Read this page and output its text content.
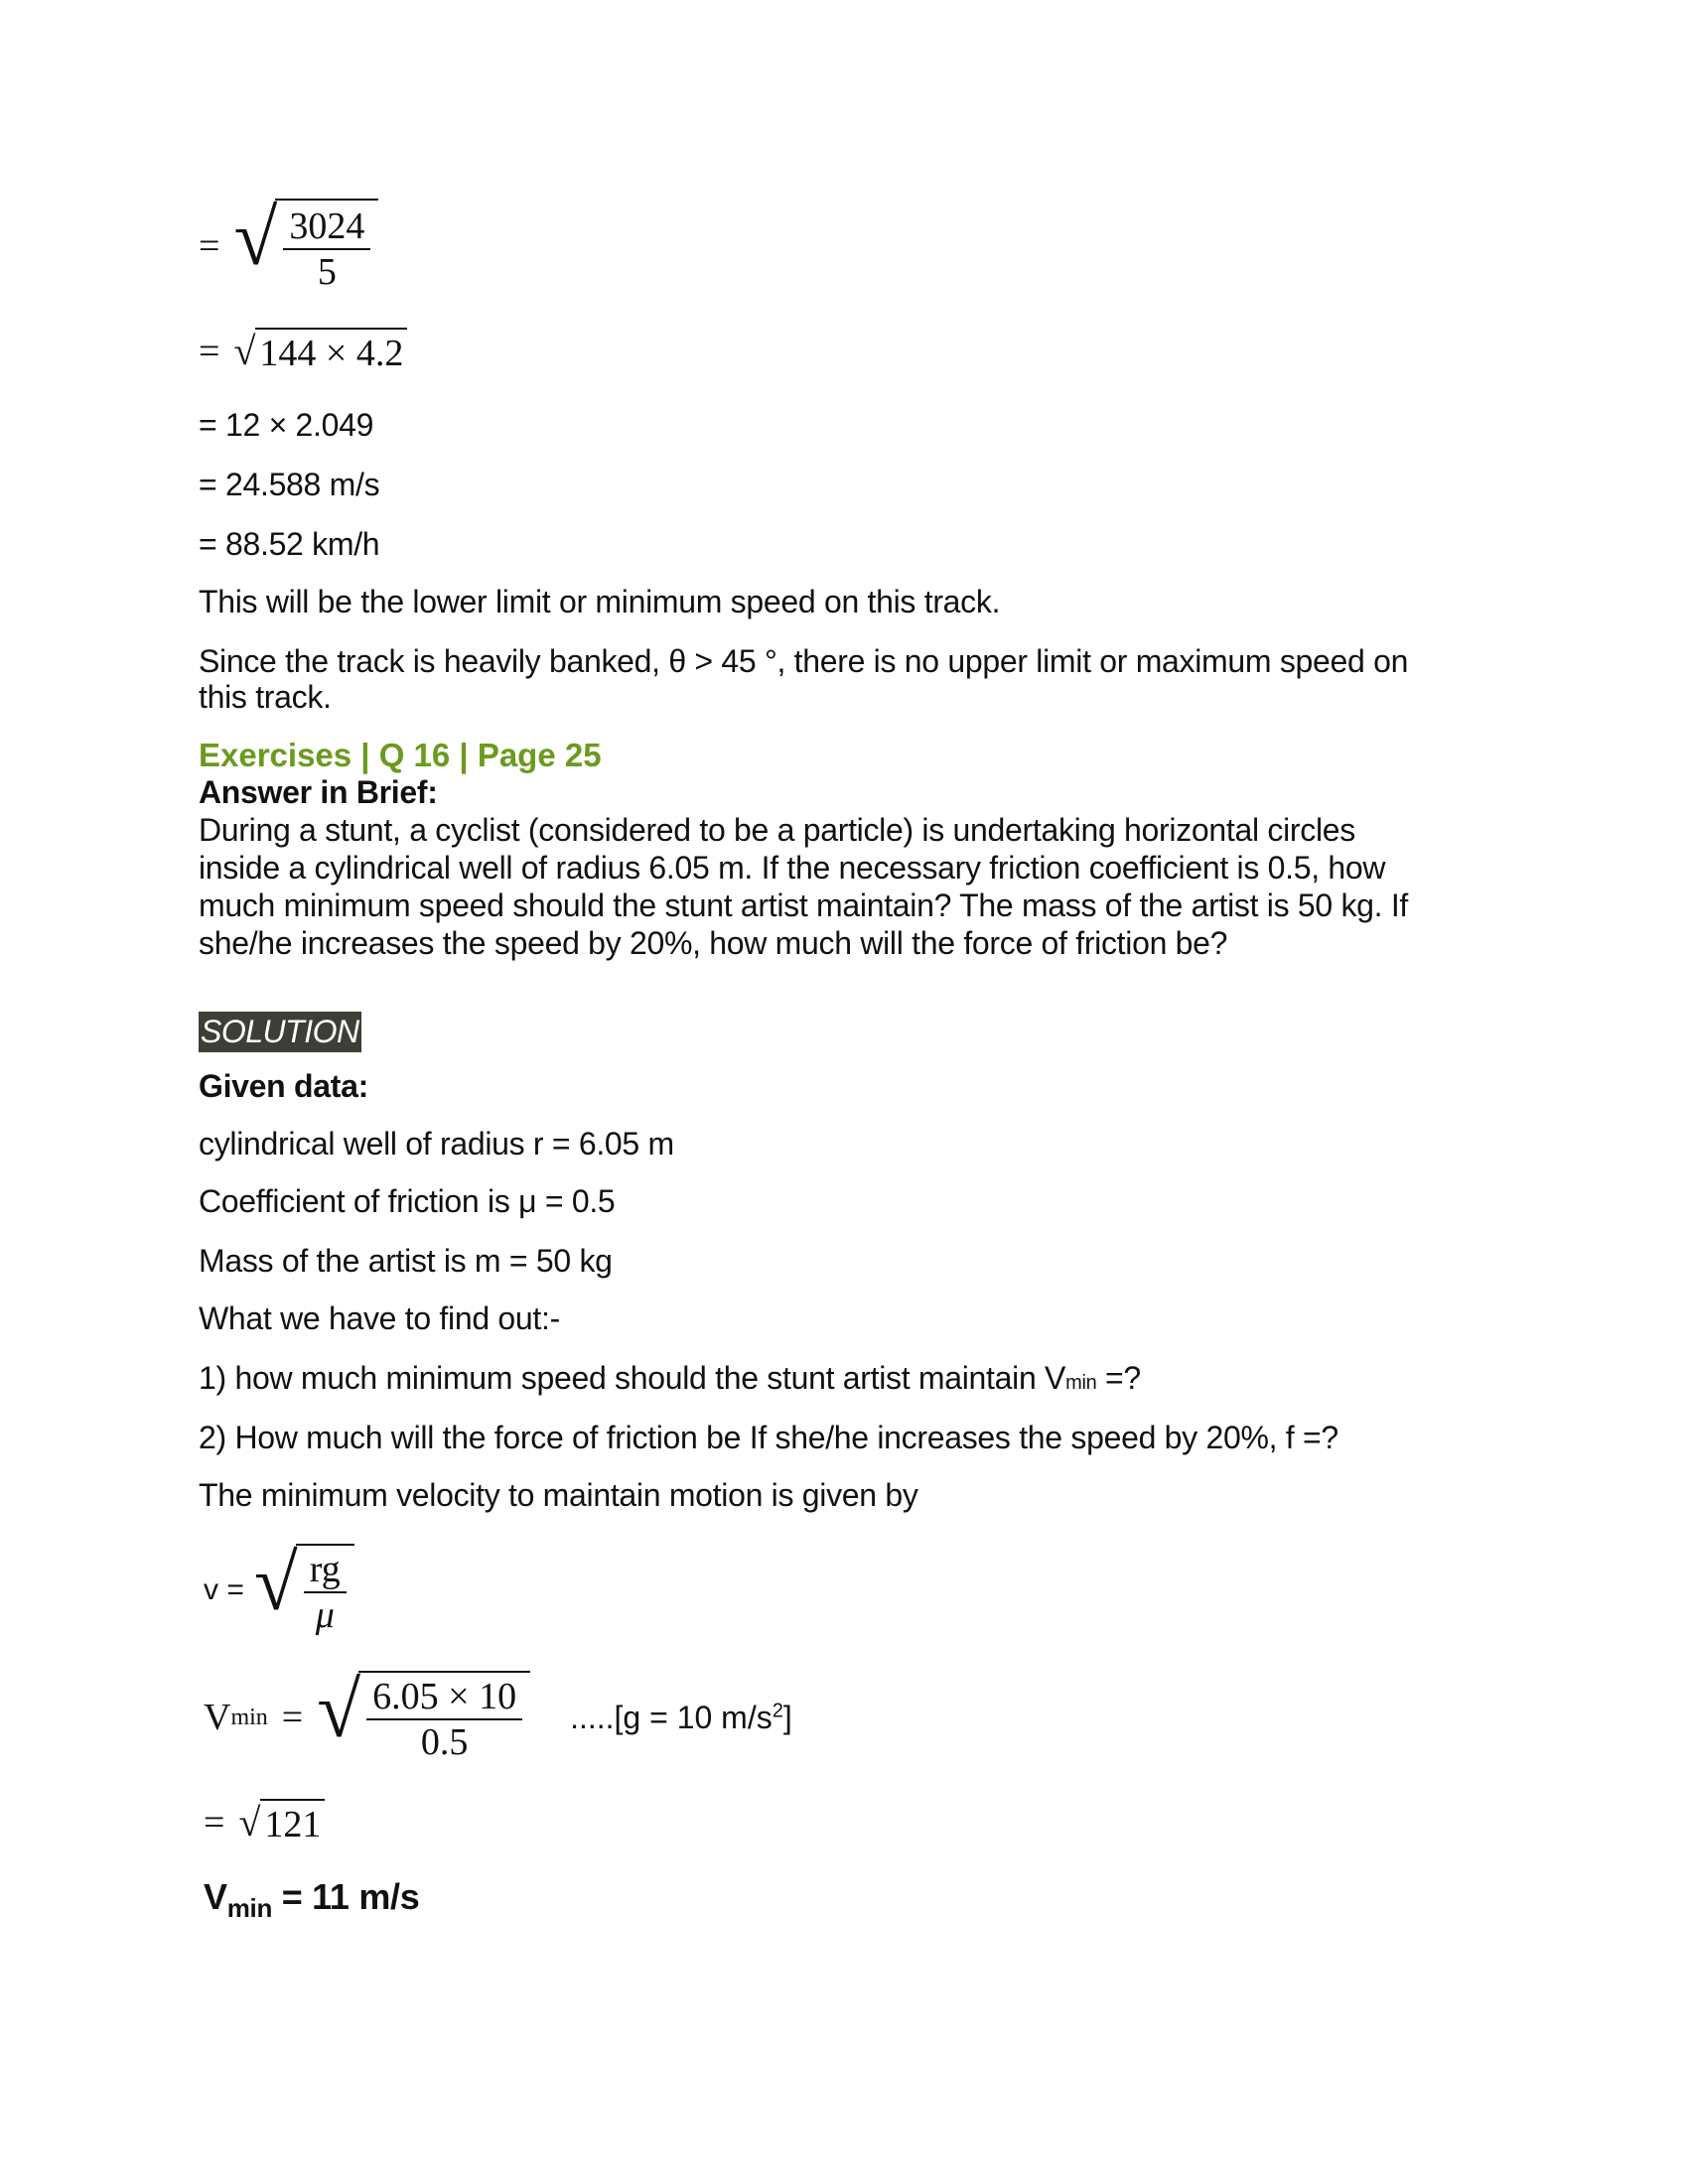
= √ $\frac{3024}{5}$
= √ 144 × 4.2
= 12 × 2.049
= 24.588 m/s
= 88.52 km/h
This will be the lower limit or minimum speed on this track.
Since the track is heavily banked, θ > 45 °, there is no upper limit or maximum speed on
this track.
Exercises | Q 16 | Page 25
Answer in Brief:
During a stunt, a cyclist (considered to be a particle) is undertaking horizontal circles
inside a cylindrical well of radius 6.05 m. If the necessary friction coefficient is 0.5, how
much minimum speed should the stunt artist maintain? The mass of the artist is 50 kg. If
she/he increases the speed by 20%, how much will the force of friction be?
SOLUTION
Given data:
cylindrical well of radius r = 6.05 m
Coefficient of friction is μ = 0.5
Mass of the artist is m = 50 kg
What we have to find out:-
1) how much minimum speed should the stunt artist maintain Vmin =?
2) How much will the force of friction be If she/he increases the speed by 20%, f =?
The minimum velocity to maintain motion is given by
v = √ $\frac{rg}{\mu}$
V min = √ $\frac{6.05 \times 10}{0.5} .....[g = 10$ $m/s^2$]
= √ 121
$V_{min} = 11$ m/s
